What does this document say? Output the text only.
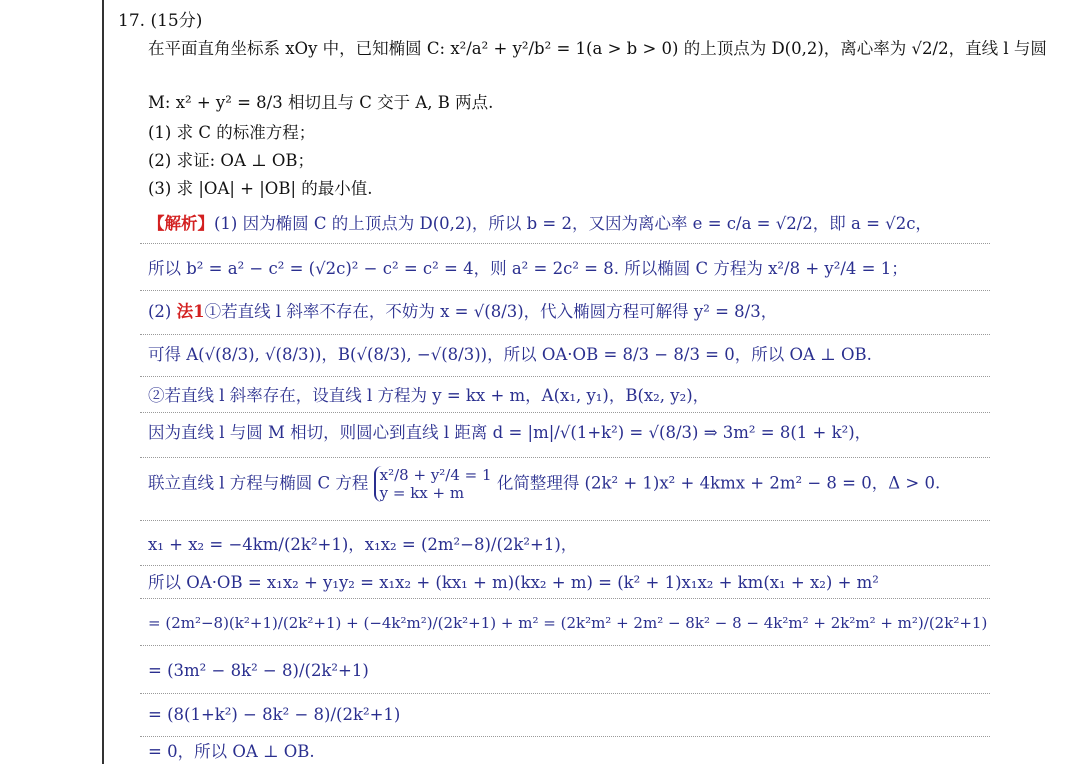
17. (15分)
在平面直角坐标系 xOy 中，已知椭圆 C: x²/a² + y²/b² = 1(a > b > 0) 的上顶点为 D(0,2)，离心率为 √2/2，直线 l 与圆
M: x² + y² = 8/3 相切且与 C 交于 A, B 两点.
(1) 求 C 的标准方程；
(2) 求证: OA ⊥ OB；
(3) 求 |OA| + |OB| 的最小值.
【解析】(1) 因为椭圆 C 的上顶点为 D(0,2)，所以 b = 2，又因为离心率 e = c/a = √2/2，即 a = √2c，
所以 b² = a² − c² = (√2c)² − c² = c² = 4，则 a² = 2c² = 8. 所以椭圆 C 方程为 x²/8 + y²/4 = 1；
(2) 法1①若直线 l 斜率不存在，不妨为 x = √(8/3)，代入椭圆方程可解得 y² = 8/3，
可得 A(√(8/3), √(8/3))，B(√(8/3), −√(8/3))，所以 OA·OB = 8/3 − 8/3 = 0，所以 OA ⊥ OB.
②若直线 l 斜率存在，设直线 l 方程为 y = kx + m，A(x₁, y₁)，B(x₂, y₂)，
因为直线 l 与圆 M 相切，则圆心到直线 l 距离 d = |m|/√(1+k²) = √(8/3) ⇒ 3m² = 8(1 + k²)，
联立直线 l 方程与椭圆 C 方程 x²/8 + y²/4 = 1
y = kx + m
化简整理得 (2k² + 1)x² + 4kmx + 2m² − 8 = 0，Δ > 0.
x₁ + x₂ = −4km/(2k²+1)，x₁x₂ = (2m²−8)/(2k²+1)，
所以 OA·OB = x₁x₂ + y₁y₂ = x₁x₂ + (kx₁ + m)(kx₂ + m) = (k² + 1)x₁x₂ + km(x₁ + x₂) + m²
= (2m²−8)(k²+1)/(2k²+1) + (−4k²m²)/(2k²+1) + m² = (2k²m² + 2m² − 8k² − 8 − 4k²m² + 2k²m² + m²)/(2k²+1)
= (3m² − 8k² − 8)/(2k²+1)
= (8(1+k²) − 8k² − 8)/(2k²+1)
= 0，所以 OA ⊥ OB.
